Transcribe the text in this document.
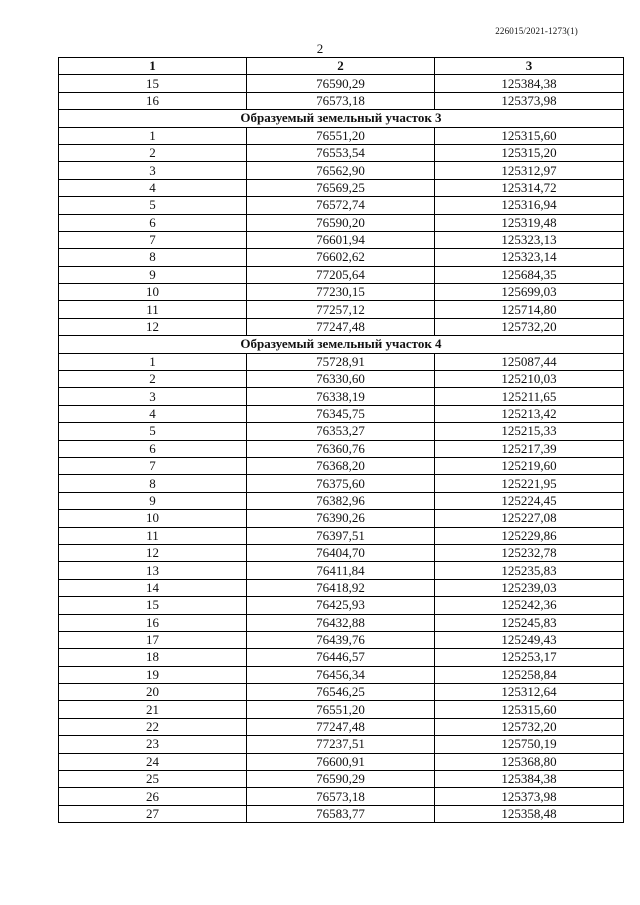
226015/2021-1273(1)
2
1	2	3
15	76590,29	125384,38
16	76573,18	125373,98
Образуемый земельный участок 3		
1	76551,20	125315,60
2	76553,54	125315,20
3	76562,90	125312,97
4	76569,25	125314,72
5	76572,74	125316,94
6	76590,20	125319,48
7	76601,94	125323,13
8	76602,62	125323,14
9	77205,64	125684,35
10	77230,15	125699,03
11	77257,12	125714,80
12	77247,48	125732,20
Образуемый земельный участок 4		
1	75728,91	125087,44
2	76330,60	125210,03
3	76338,19	125211,65
4	76345,75	125213,42
5	76353,27	125215,33
6	76360,76	125217,39
7	76368,20	125219,60
8	76375,60	125221,95
9	76382,96	125224,45
10	76390,26	125227,08
11	76397,51	125229,86
12	76404,70	125232,78
13	76411,84	125235,83
14	76418,92	125239,03
15	76425,93	125242,36
16	76432,88	125245,83
17	76439,76	125249,43
18	76446,57	125253,17
19	76456,34	125258,84
20	76546,25	125312,64
21	76551,20	125315,60
22	77247,48	125732,20
23	77237,51	125750,19
24	76600,91	125368,80
25	76590,29	125384,38
26	76573,18	125373,98
27	76583,77	125358,48
